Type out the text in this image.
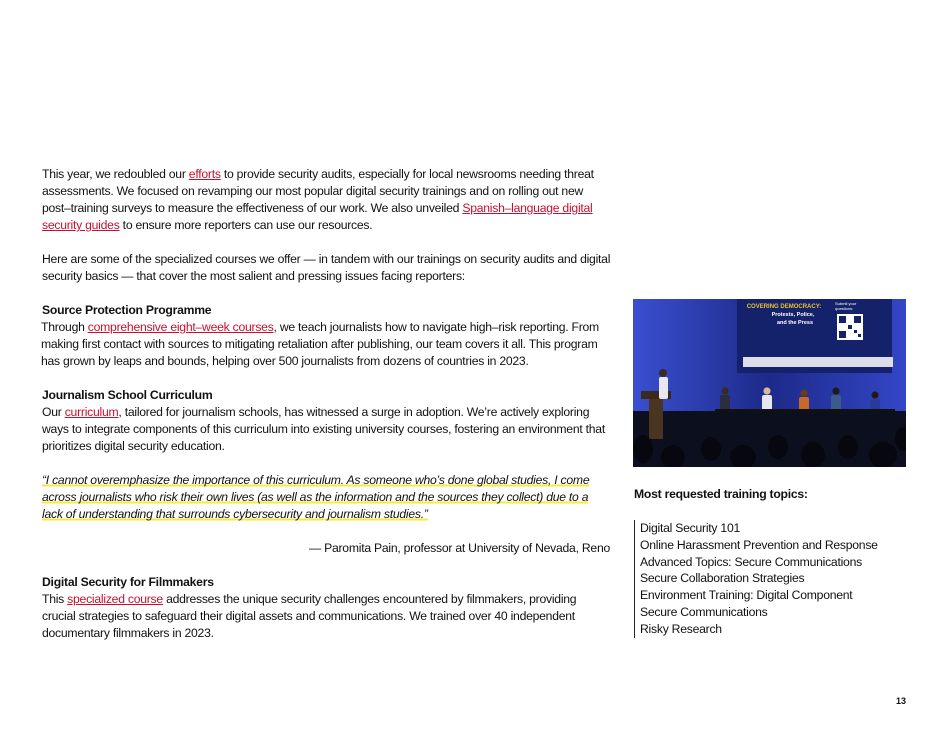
This year, we redoubled our efforts to provide security audits, especially for local newsrooms needing threat assessments. We focused on revamping our most popular digital security trainings and on rolling out new post–training surveys to measure the effectiveness of our work. We also unveiled Spanish–language digital security guides to ensure more reporters can use our resources.

Here are some of the specialized courses we offer — in tandem with our trainings on security audits and digital security basics — that cover the most salient and pressing issues facing reporters:

Source Protection Programme
Through comprehensive eight–week courses, we teach journalists how to navigate high–risk reporting. From making first contact with sources to mitigating retaliation after publishing, our team covers it all. This program has grown by leaps and bounds, helping over 500 journalists from dozens of countries in 2023.
Journalism School Curriculum
Our curriculum, tailored for journalism schools, has witnessed a surge in adoption. We’re actively exploring ways to integrate components of this curriculum into existing university courses, fostering an environment that prioritizes digital security education.

“I cannot overemphasize the importance of this curriculum. As someone who’s done global studies, I come across journalists who risk their own lives (as well as the information and the sources they collect) due to a lack of understanding that surrounds cybersecurity and journalism studies.”

— Paromita Pain, professor at University of Nevada, Reno

Digital Security for Filmmakers
This specialized course addresses the unique security challenges encountered by filmmakers, providing crucial strategies to safeguard their digital assets and communications. We trained over 40 independent documentary filmmakers in 2023.
COVERING DEMOCRACY:
Protests, Police,
and the Press
Submit your
questions:
Most requested training topics:
Digital Security 101
Online Harassment Prevention and Response
Advanced Topics: Secure Communications
Secure Collaboration Strategies
Environment Training: Digital Component
Secure Communications
Risky Research
13
